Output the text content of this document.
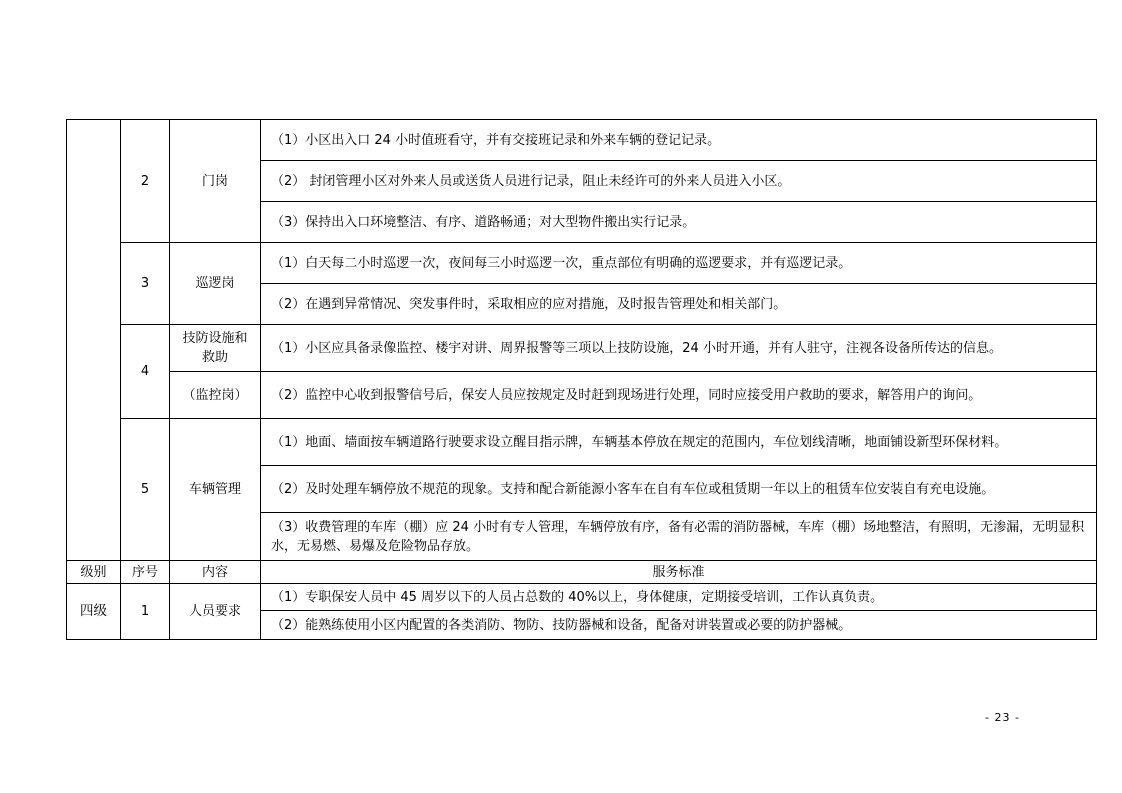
	2	门岗	（1）小区出入口 24 小时值班看守，并有交接班记录和外来车辆的登记记录。
			（2） 封闭管理小区对外来人员或送货人员进行记录，阻止未经许可的外来人员进入小区。
			（3）保持出入口环境整洁、有序、道路畅通；对大型物件搬出实行记录。
	3	巡逻岗	（1）白天每二小时巡逻一次，夜间每三小时巡逻一次，重点部位有明确的巡逻要求，并有巡逻记录。
			（2）在遇到异常情况、突发事件时，采取相应的应对措施，及时报告管理处和相关部门。
	4	技防设施和救助	（1）小区应具备录像监控、楼宇对讲、周界报警等三项以上技防设施，24 小时开通，并有人驻守，注视各设备所传达的信息。
		（监控岗）	（2）监控中心收到报警信号后，保安人员应按规定及时赶到现场进行处理，同时应接受用户救助的要求，解答用户的询问。
	5	车辆管理	（1）地面、墙面按车辆道路行驶要求设立醒目指示牌，车辆基本停放在规定的范围内，车位划线清晰，地面铺设新型环保材料。
			（2）及时处理车辆停放不规范的现象。支持和配合新能源小客车在自有车位或租赁期一年以上的租赁车位安装自有充电设施。
			（3）收费管理的车库（棚）应 24 小时有专人管理，车辆停放有序，备有必需的消防器械，车库（棚）场地整洁，有照明，无渗漏，无明显积水，无易燃、易爆及危险物品存放。
级别	序号	内容	服务标准
四级	1	人员要求	（1）专职保安人员中 45 周岁以下的人员占总数的 40%以上，身体健康，定期接受培训，工作认真负责。
			（2）能熟练使用小区内配置的各类消防、物防、技防器械和设备，配备对讲装置或必要的防护器械。
- 23 -
